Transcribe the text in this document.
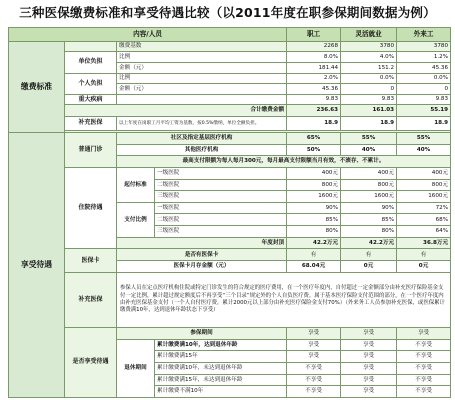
三种医保缴费标准和享受待遇比较（以2011年度在职参保期间数据为例）
内容/人员				职工	灵活就业	外来工
缴费标准		缴费基数		2268	3780	3780
	单位负担	比例		8.0%	4.0%	1.2%
		金额（元）		181.44	151.2	45.36
	个人负担	比例		2.0%	0.0%	0.0%
		金额（元）		45.36	0	0
	重大疾病			9.83	9.83	9.83
	合计缴费金额			236.63	161.03	55.19
	补充医保	以上年度在岗职工月平均工资为基数，按0.5%缴纳，单位全额负担。		18.9	18.9	18.9

享受待遇	普通门诊	社区及指定基层医疗机构		65%	55%	55%
		其他医疗机构		50%	40%	40%
		最高支付限额为每人每月300元，每月最高支付限额当月有效，不滚存、不累计。				
	住院待遇	起付标准	一级医院	400元	400元	400元
			二级医院	800元	800元	800元
			三级医院	1600元	1600元	1600元
		支付比例	一级医院	90%	90%	72%
			二级医院	85%	85%	68%
			三级医院	80%	80%	64%
		年度封顶		42.2万元	42.2万元	36.8万元
	医保卡	是否有医保卡		有	有	有
		医保卡月存金额（元）		68.04元	0元	0元
	补充医保	参保人员在定点医疗机构住院或特定门诊发生的符合规定的医疗费用，在一个医疗年度内，自付超过一定金额部分由补充医疗保险基金支付一定比例，累计超过规定额度后不再享受“三个目录”规定外的个人自负医疗费。属于基本医疗保险支付范围的部分，在一个医疗年度内由补充医保基金支付（一个人自付医疗费，累计2000元以上部分由补充医疗保险金支付70%）（外来务工人员参加补充医保，或医保累计缴费满10年，达到退休年龄状态下享受）				
	是否享受待遇	参保期间		享受	享受	享受
		退休期间	累计缴费满10年，达到退休年龄	享受	享受	不享受
			累计缴费满15年	享受	享受	不享受
			累计缴费满10年，未达到退休年龄	不享受	享受	不享受
			累计缴费满15年，未达到退休年龄	不享受	享受	不享受
			累计缴费不满10年	不享受	享受	不享受
